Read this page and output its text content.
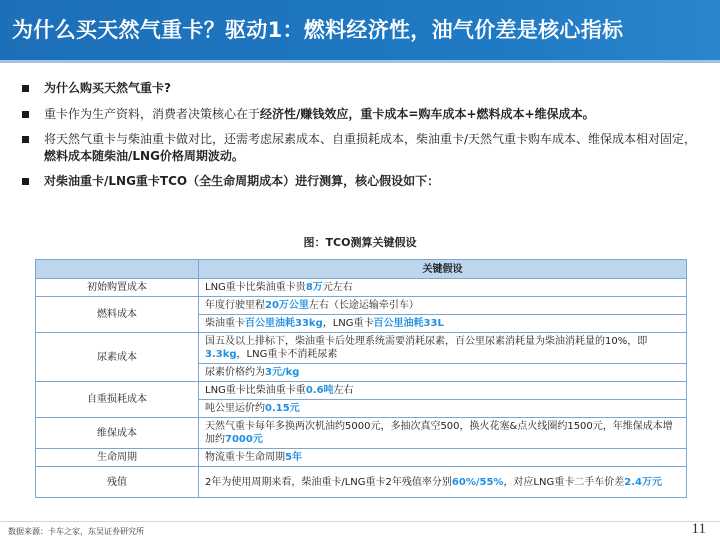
为什么买天然气重卡？驱动1：燃料经济性，油气价差是核心指标
为什么购买天然气重卡?
重卡作为生产资料，消费者决策核心在于经济性/赚钱效应，重卡成本=购车成本+燃料成本+维保成本。
将天然气重卡与柴油重卡做对比，还需考虑尿素成本、自重损耗成本，柴油重卡/天然气重卡购车成本、维保成本相对固定，燃料成本随柴油/LNG价格周期波动。
对柴油重卡/LNG重卡TCO（全生命周期成本）进行测算，核心假设如下：
图：TCO测算关键假设
	关键假设
初始购置成本	LNG重卡比柴油重卡贵8万元左右
燃料成本	年度行驶里程20万公里左右（长途运输牵引车）
	柴油重卡百公里油耗33kg，LNG重卡百公里油耗33L
尿素成本	国五及以上排标下，柴油重卡后处理系统需要消耗尿素，百公里尿素消耗量为柴油消耗量的10%，即3.3kg，LNG重卡不消耗尿素
	尿素价格约为3元/kg
自重损耗成本	LNG重卡比柴油重卡重0.6吨左右
	吨公里运价约0.15元
维保成本	天然气重卡每年多换两次机油约5000元，多抽次真空500，换火花塞&点火线圈约1500元，年维保成本增加约7000元
生命周期	物流重卡生命周期5年
残值	2年为使用周期来看，柴油重卡/LNG重卡2年残值率分别60%/55%，对应LNG重卡二手车价差2.4万元
数据来源：卡车之家，东吴证券研究所	11
